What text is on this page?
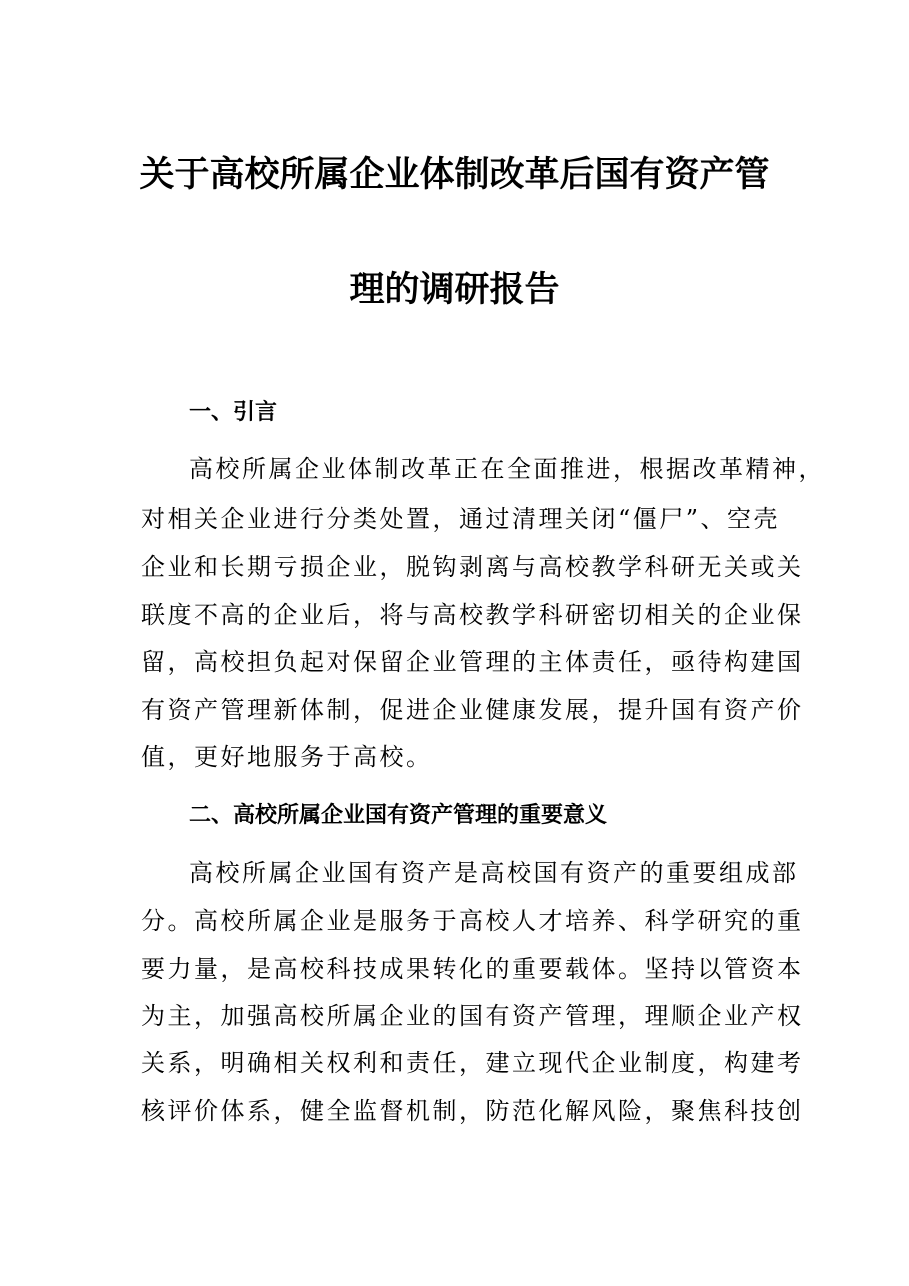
关于高校所属企业体制改革后国有资产管
理的调研报告
一、引言
高校所属企业体制改革正在全面推进，根据改革精神，
对相关企业进行分类处置，通过清理关闭“僵尸”、空壳
企业和长期亏损企业，脱钩剥离与高校教学科研无关或关
联度不高的企业后，将与高校教学科研密切相关的企业保
留，高校担负起对保留企业管理的主体责任，亟待构建国
有资产管理新体制，促进企业健康发展，提升国有资产价
值，更好地服务于高校。
二、高校所属企业国有资产管理的重要意义
高校所属企业国有资产是高校国有资产的重要组成部
分。高校所属企业是服务于高校人才培养、科学研究的重
要力量，是高校科技成果转化的重要载体。坚持以管资本
为主，加强高校所属企业的国有资产管理，理顺企业产权
关系，明确相关权利和责任，建立现代企业制度，构建考
核评价体系，健全监督机制，防范化解风险，聚焦科技创
